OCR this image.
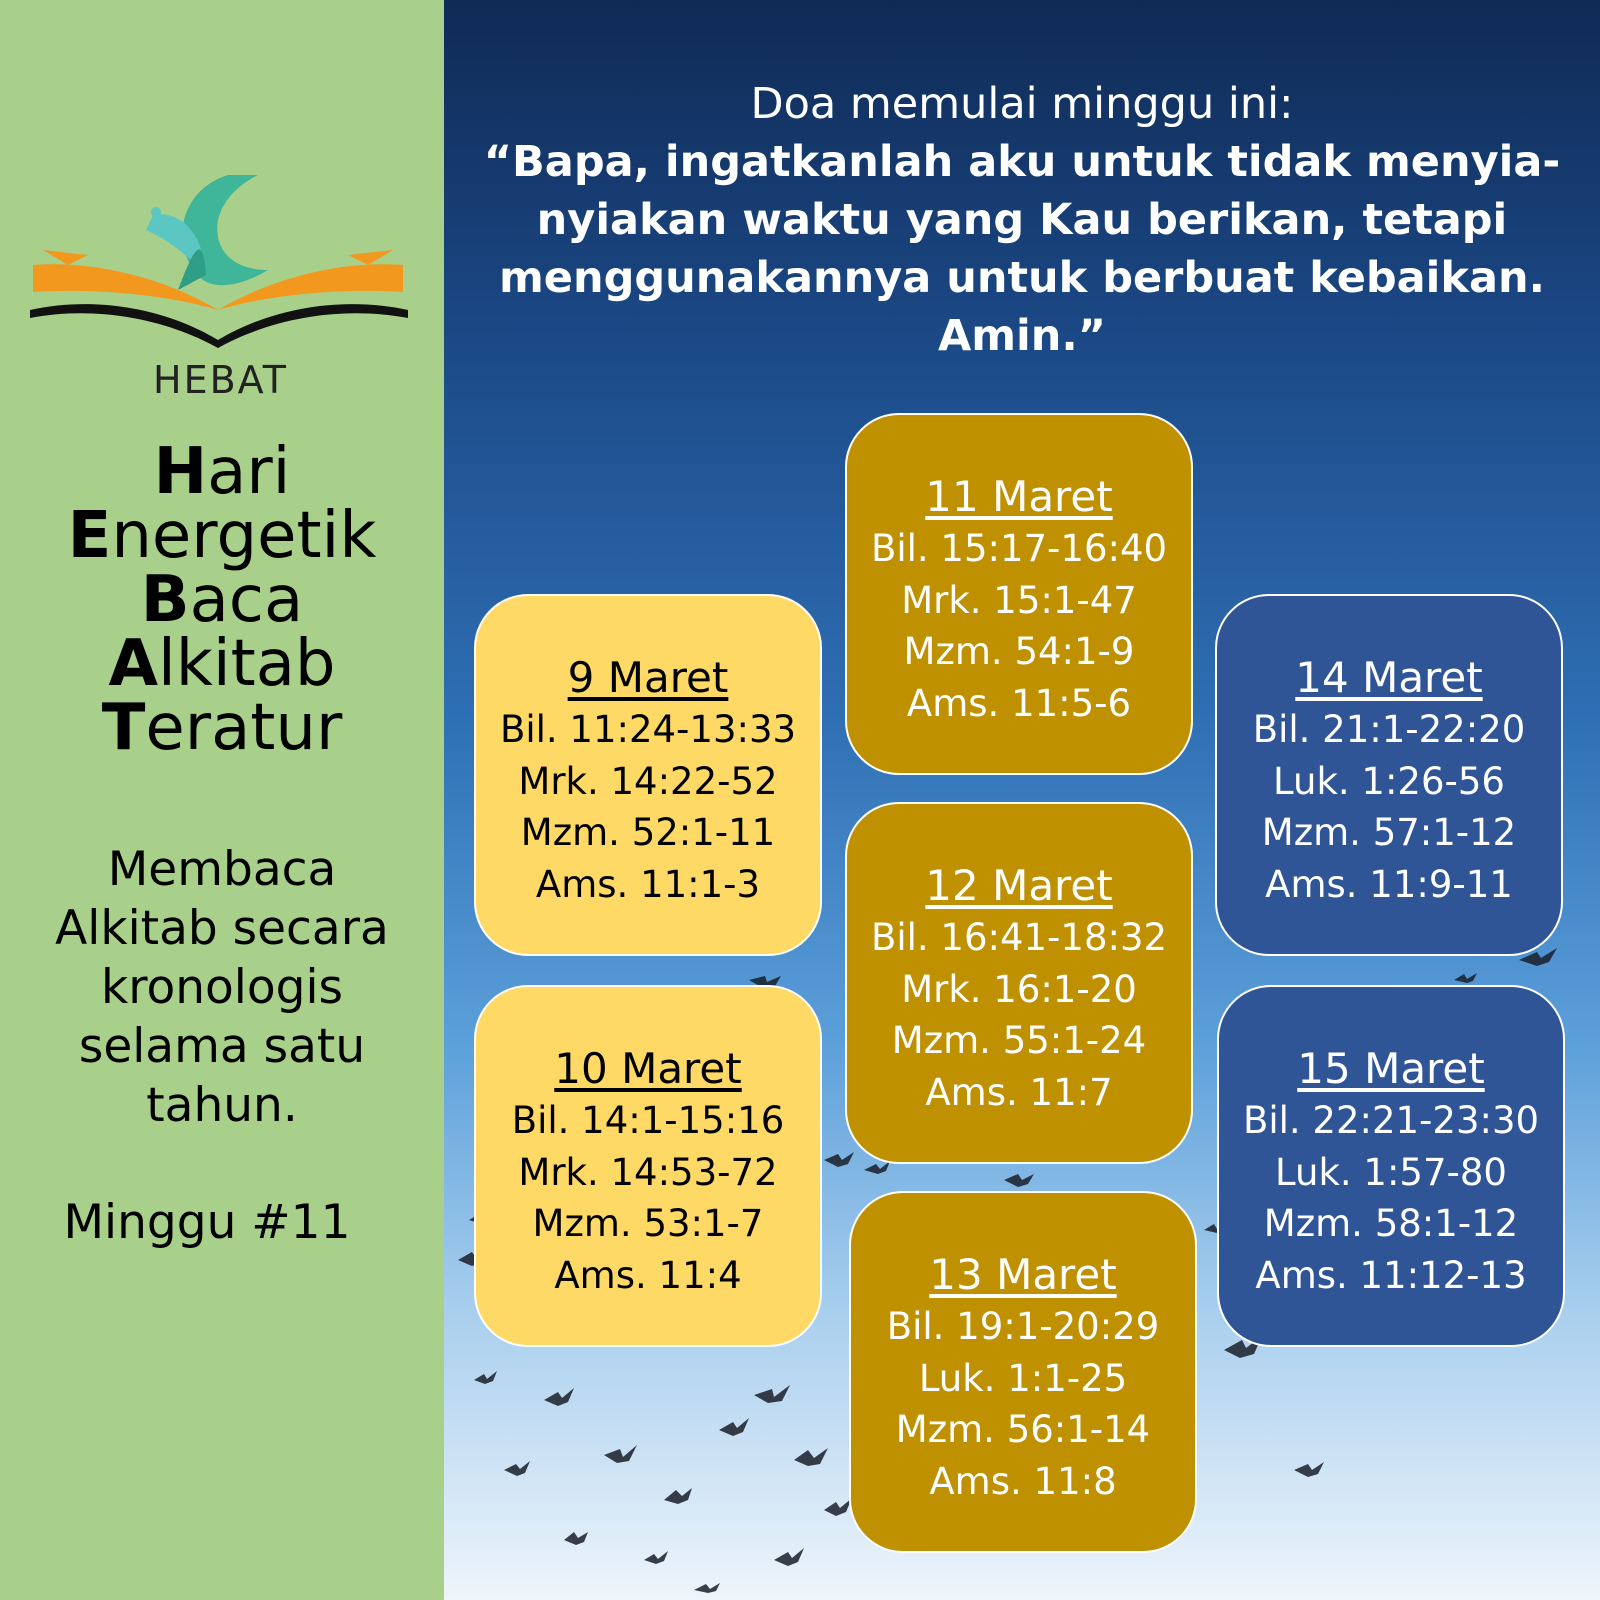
HEBAT
Hari
Energetik
Baca
Alkitab
Teratur
Membaca
Alkitab secara
kronologis
selama satu
tahun.
Minggu #11
Doa memulai minggu ini:
“Bapa, ingatkanlah aku untuk tidak menyia-
nyiakan waktu yang Kau berikan, tetapi
menggunakannya untuk berbuat kebaikan.
Amin.”
9 Maret
Bil. 11:24-13:33
Mrk. 14:22-52
Mzm. 52:1-11
Ams. 11:1-3
10 Maret
Bil. 14:1-15:16
Mrk. 14:53-72
Mzm. 53:1-7
Ams. 11:4
11 Maret
Bil. 15:17-16:40
Mrk. 15:1-47
Mzm. 54:1-9
Ams. 11:5-6
12 Maret
Bil. 16:41-18:32
Mrk. 16:1-20
Mzm. 55:1-24
Ams. 11:7
13 Maret
Bil. 19:1-20:29
Luk. 1:1-25
Mzm. 56:1-14
Ams. 11:8
14 Maret
Bil. 21:1-22:20
Luk. 1:26-56
Mzm. 57:1-12
Ams. 11:9-11
15 Maret
Bil. 22:21-23:30
Luk. 1:57-80
Mzm. 58:1-12
Ams. 11:12-13
